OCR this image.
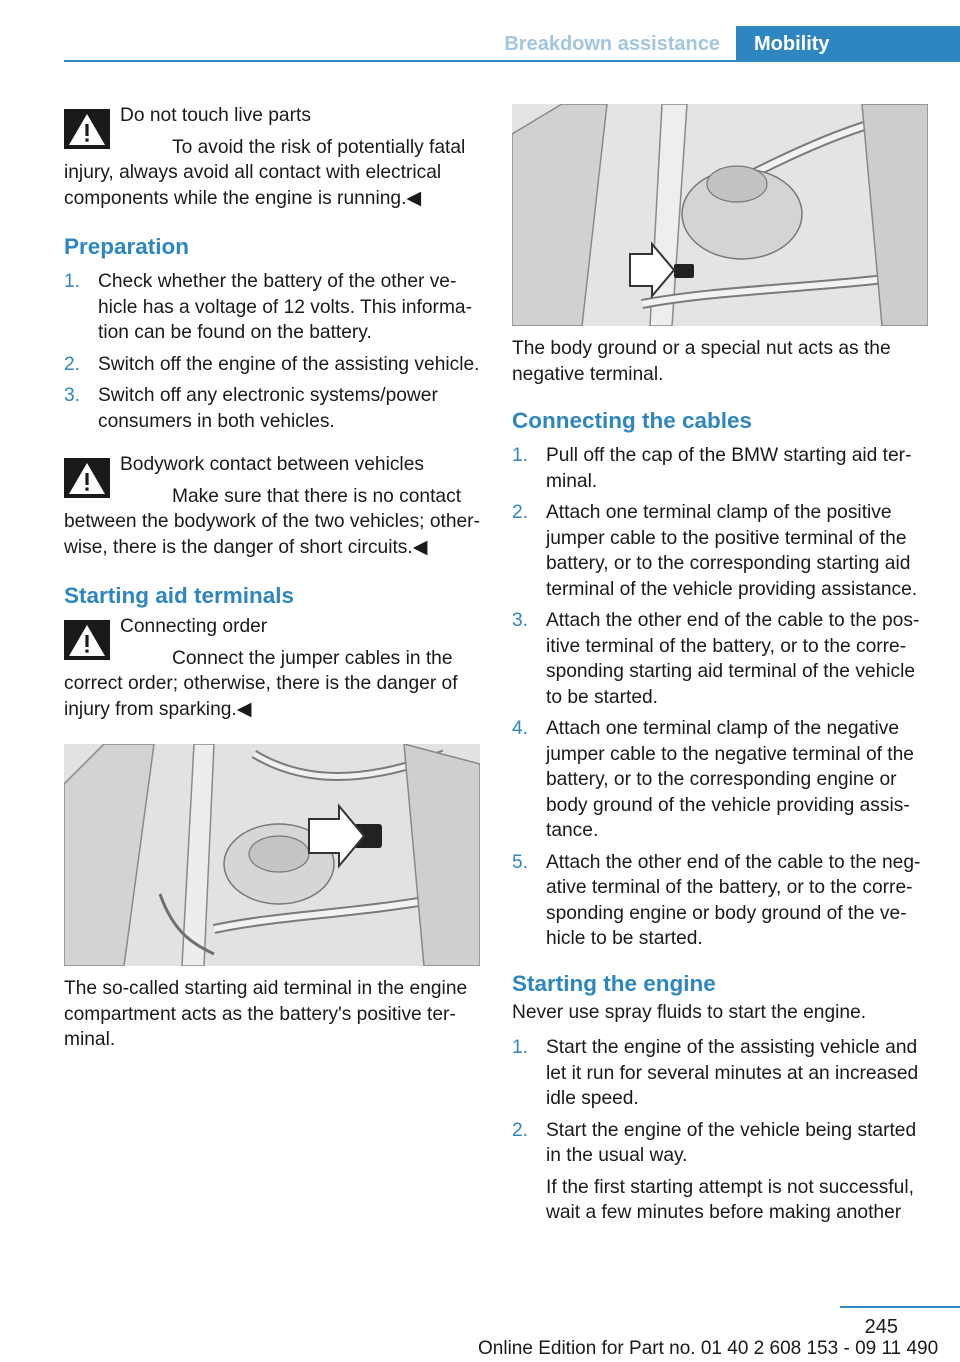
Breakdown assistance	Mobility

Do not touch live parts

To avoid the risk of potentially fatal injury, always avoid all contact with electrical components while the engine is running.◀

Preparation
1. Check whether the battery of the other vehicle has a voltage of 12 volts. This information can be found on the battery.
2. Switch off the engine of the assisting vehicle.
3. Switch off any electronic systems/power consumers in both vehicles.

Bodywork contact between vehicles

Make sure that there is no contact between the bodywork of the two vehicles; otherwise, there is the danger of short circuits.◀

Starting aid terminals

Connecting order

Connect the jumper cables in the correct order; otherwise, there is the danger of injury from sparking.◀

The so-called starting aid terminal in the engine compartment acts as the battery's positive terminal.

The body ground or a special nut acts as the negative terminal.

Connecting the cables
1. Pull off the cap of the BMW starting aid terminal.
2. Attach one terminal clamp of the positive jumper cable to the positive terminal of the battery, or to the corresponding starting aid terminal of the vehicle providing assistance.
3. Attach the other end of the cable to the positive terminal of the battery, or to the corresponding starting aid terminal of the vehicle to be started.
4. Attach one terminal clamp of the negative jumper cable to the negative terminal of the battery, or to the corresponding engine or body ground of the vehicle providing assistance.
5. Attach the other end of the cable to the negative terminal of the battery, or to the corresponding engine or body ground of the vehicle to be started.
Starting the engine

Never use spray fluids to start the engine.

1. Start the engine of the assisting vehicle and let it run for several minutes at an increased idle speed.
2. Start the engine of the vehicle being started in the usual way.

If the first starting attempt is not successful, wait a few minutes before making another

245
Online Edition for Part no. 01 40 2 608 153 - 09 11 490
